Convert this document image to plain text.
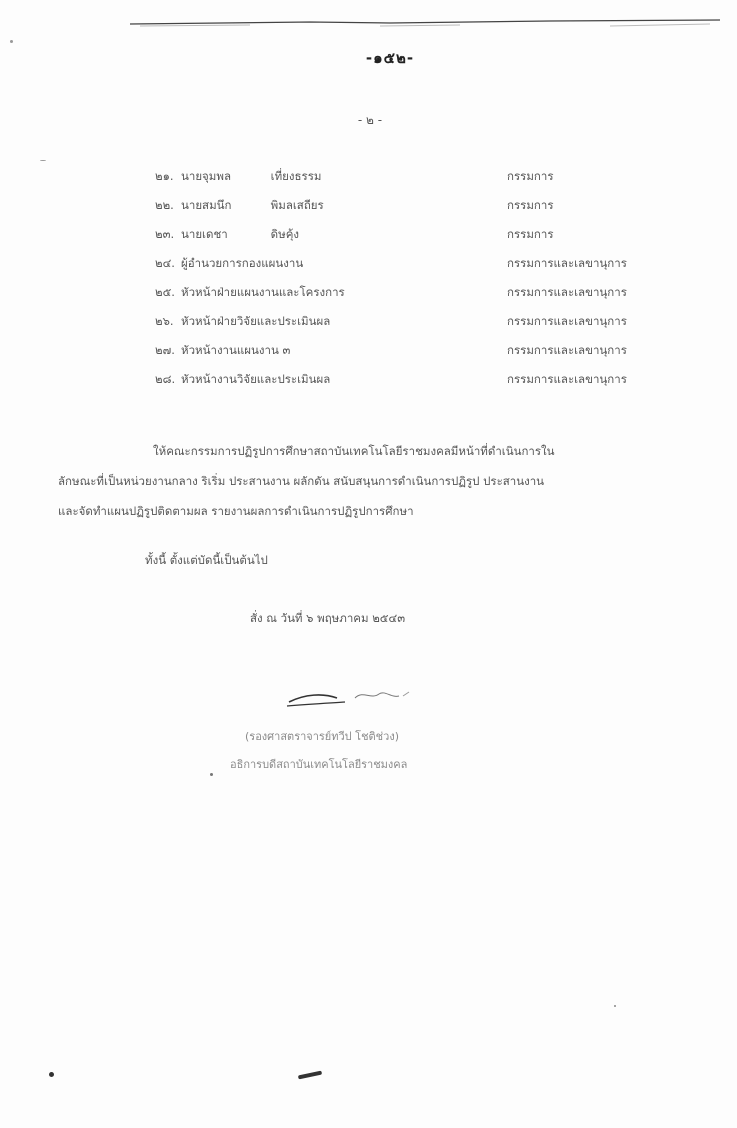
-๑๕๒-
- ๒ -
๒๑. นายจุมพล	เที่ยงธรรม	กรรมการ
๒๒. นายสมนึก	พิมลเสถียร	กรรมการ
๒๓. นายเดชา	ดิษคุ้ง	กรรมการ
๒๔. ผู้อำนวยการกองแผนงาน	กรรมการและเลขานุการ
๒๕. หัวหน้าฝ่ายแผนงานและโครงการ	กรรมการและเลขานุการ
๒๖. หัวหน้าฝ่ายวิจัยและประเมินผล	กรรมการและเลขานุการ
๒๗. หัวหน้างานแผนงาน ๓	กรรมการและเลขานุการ
๒๘. หัวหน้างานวิจัยและประเมินผล	กรรมการและเลขานุการ
ให้คณะกรรมการปฏิรูปการศึกษาสถาบันเทคโนโลยีราชมงคลมีหน้าที่ดำเนินการใน
ลักษณะที่เป็นหน่วยงานกลาง ริเริ่ม ประสานงาน ผลักดัน สนับสนุนการดำเนินการปฏิรูป ประสานงาน
และจัดทำแผนปฏิรูปติดตามผล รายงานผลการดำเนินการปฏิรูปการศึกษา
ทั้งนี้ ตั้งแต่บัดนี้เป็นต้นไป
สั่ง ณ วันที่ ๖ พฤษภาคม ๒๕๔๓
(รองศาสตราจารย์ทวีป โชติช่วง)
อธิการบดีสถาบันเทคโนโลยีราชมงคล
